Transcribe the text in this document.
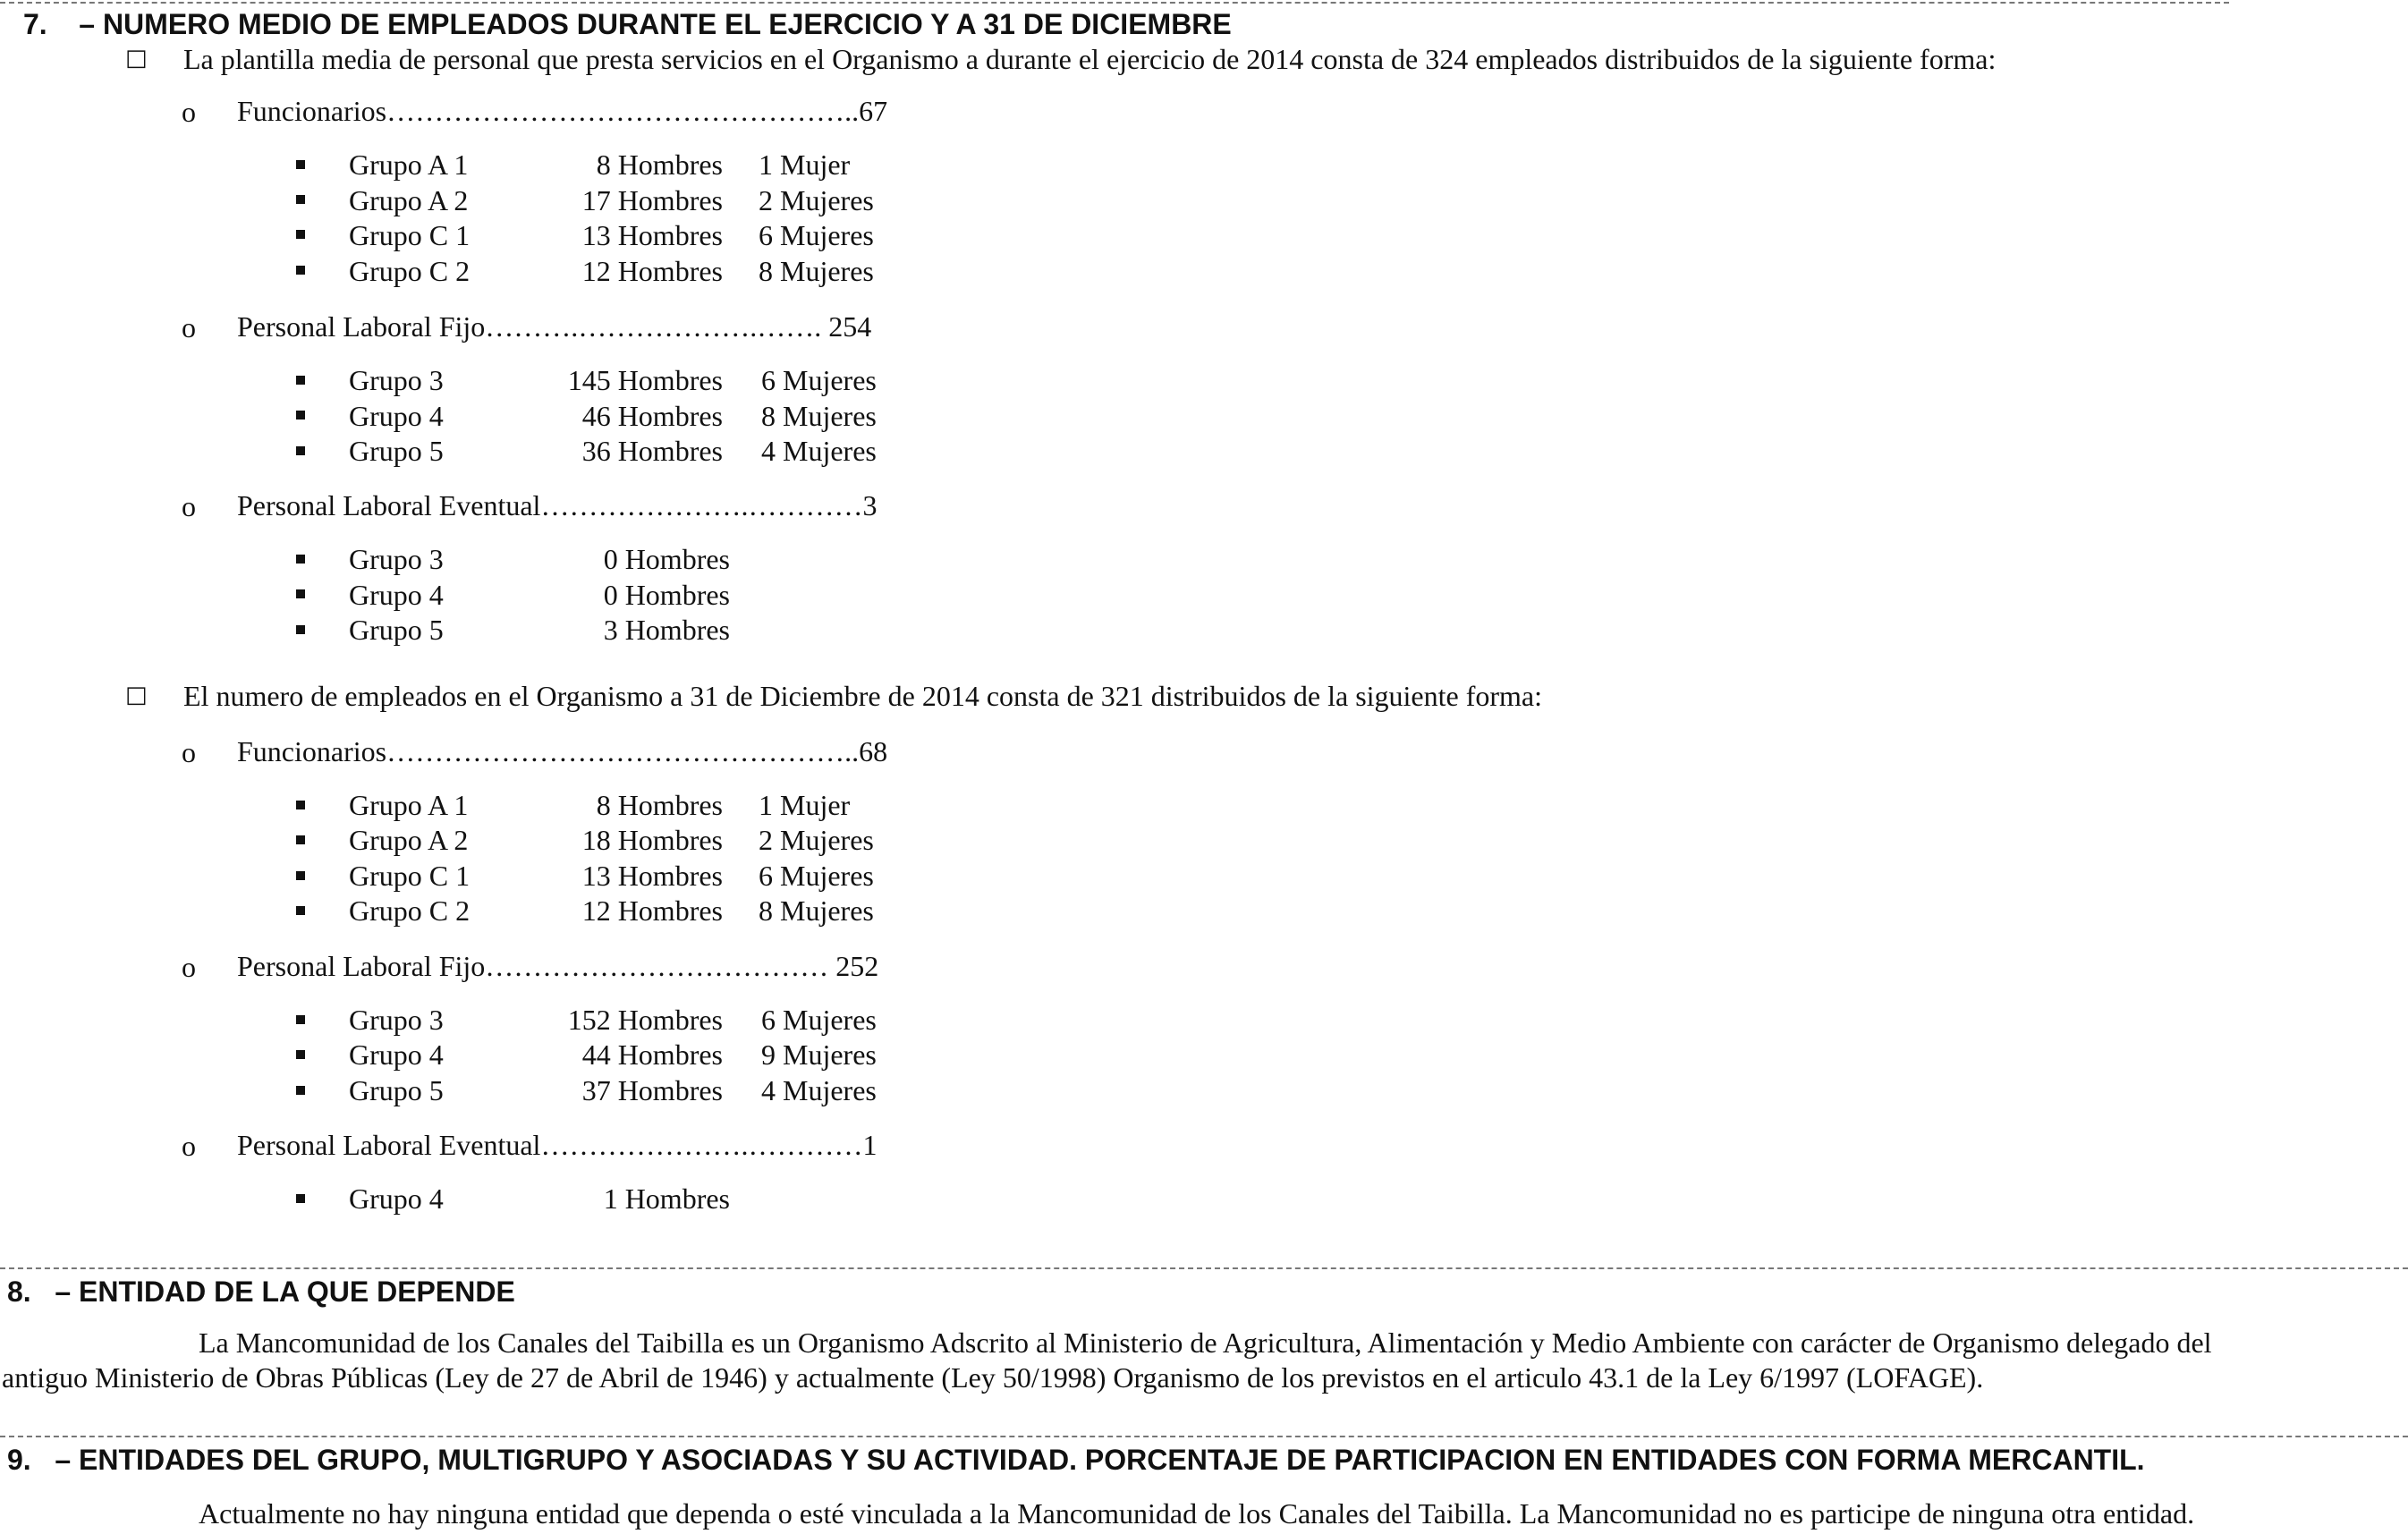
7. – NUMERO MEDIO DE EMPLEADOS DURANTE EL EJERCICIO Y A 31 DE DICIEMBRE
□ La plantilla media de personal que presta servicios en el Organismo a durante el ejercicio de 2014 consta de 324 empleados distribuidos de la siguiente forma:
o Funcionarios…………………………………………..67
Grupo A 1	8 Hombres 1 Mujer
Grupo A 2	17 Hombres 2 Mujeres
Grupo C 1	13 Hombres 6 Mujeres
Grupo C 2	12 Hombres 8 Mujeres
o Personal Laboral Fijo……….……………….……. 254
Grupo 3	145 Hombres 6 Mujeres
Grupo 4	46 Hombres 8 Mujeres
Grupo 5	36 Hombres 4 Mujeres
o Personal Laboral Eventual………………….…………3
Grupo 3	0 Hombres
Grupo 4	0 Hombres
Grupo 5	3 Hombres
□ El numero de empleados en el Organismo a 31 de Diciembre de 2014 consta de 321 distribuidos de la siguiente forma:
o Funcionarios…………………………………………..68
Grupo A 1	8 Hombres 1 Mujer
Grupo A 2	18 Hombres 2 Mujeres
Grupo C 1	13 Hombres 6 Mujeres
Grupo C 2	12 Hombres 8 Mujeres
o Personal Laboral Fijo……………………………… 252
Grupo 3	152 Hombres 6 Mujeres
Grupo 4	44 Hombres 9 Mujeres
Grupo 5	37 Hombres 4 Mujeres
o Personal Laboral Eventual………………….…………1
Grupo 4	1 Hombres
8. – ENTIDAD DE LA QUE DEPENDE
La Mancomunidad de los Canales del Taibilla es un Organismo Adscrito al Ministerio de Agricultura, Alimentación y Medio Ambiente con carácter de Organismo delegado del
antiguo Ministerio de Obras Públicas (Ley de 27 de Abril de 1946) y actualmente (Ley 50/1998) Organismo de los previstos en el articulo 43.1 de la Ley 6/1997 (LOFAGE).
9. – ENTIDADES DEL GRUPO, MULTIGRUPO Y ASOCIADAS Y SU ACTIVIDAD. PORCENTAJE DE PARTICIPACION EN ENTIDADES CON FORMA MERCANTIL.
Actualmente no hay ninguna entidad que dependa o esté vinculada a la Mancomunidad de los Canales del Taibilla. La Mancomunidad no es participe de ninguna otra entidad.
